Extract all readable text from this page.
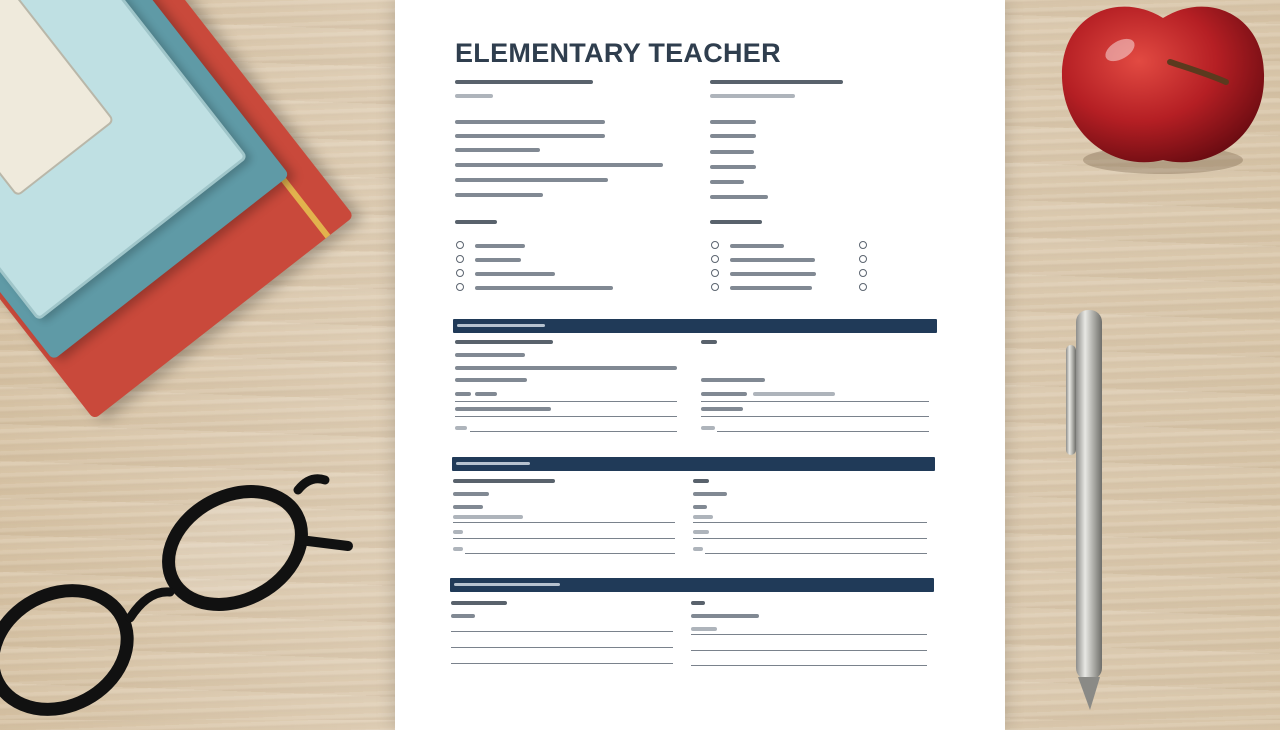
ELEMENTARY TEACHER
